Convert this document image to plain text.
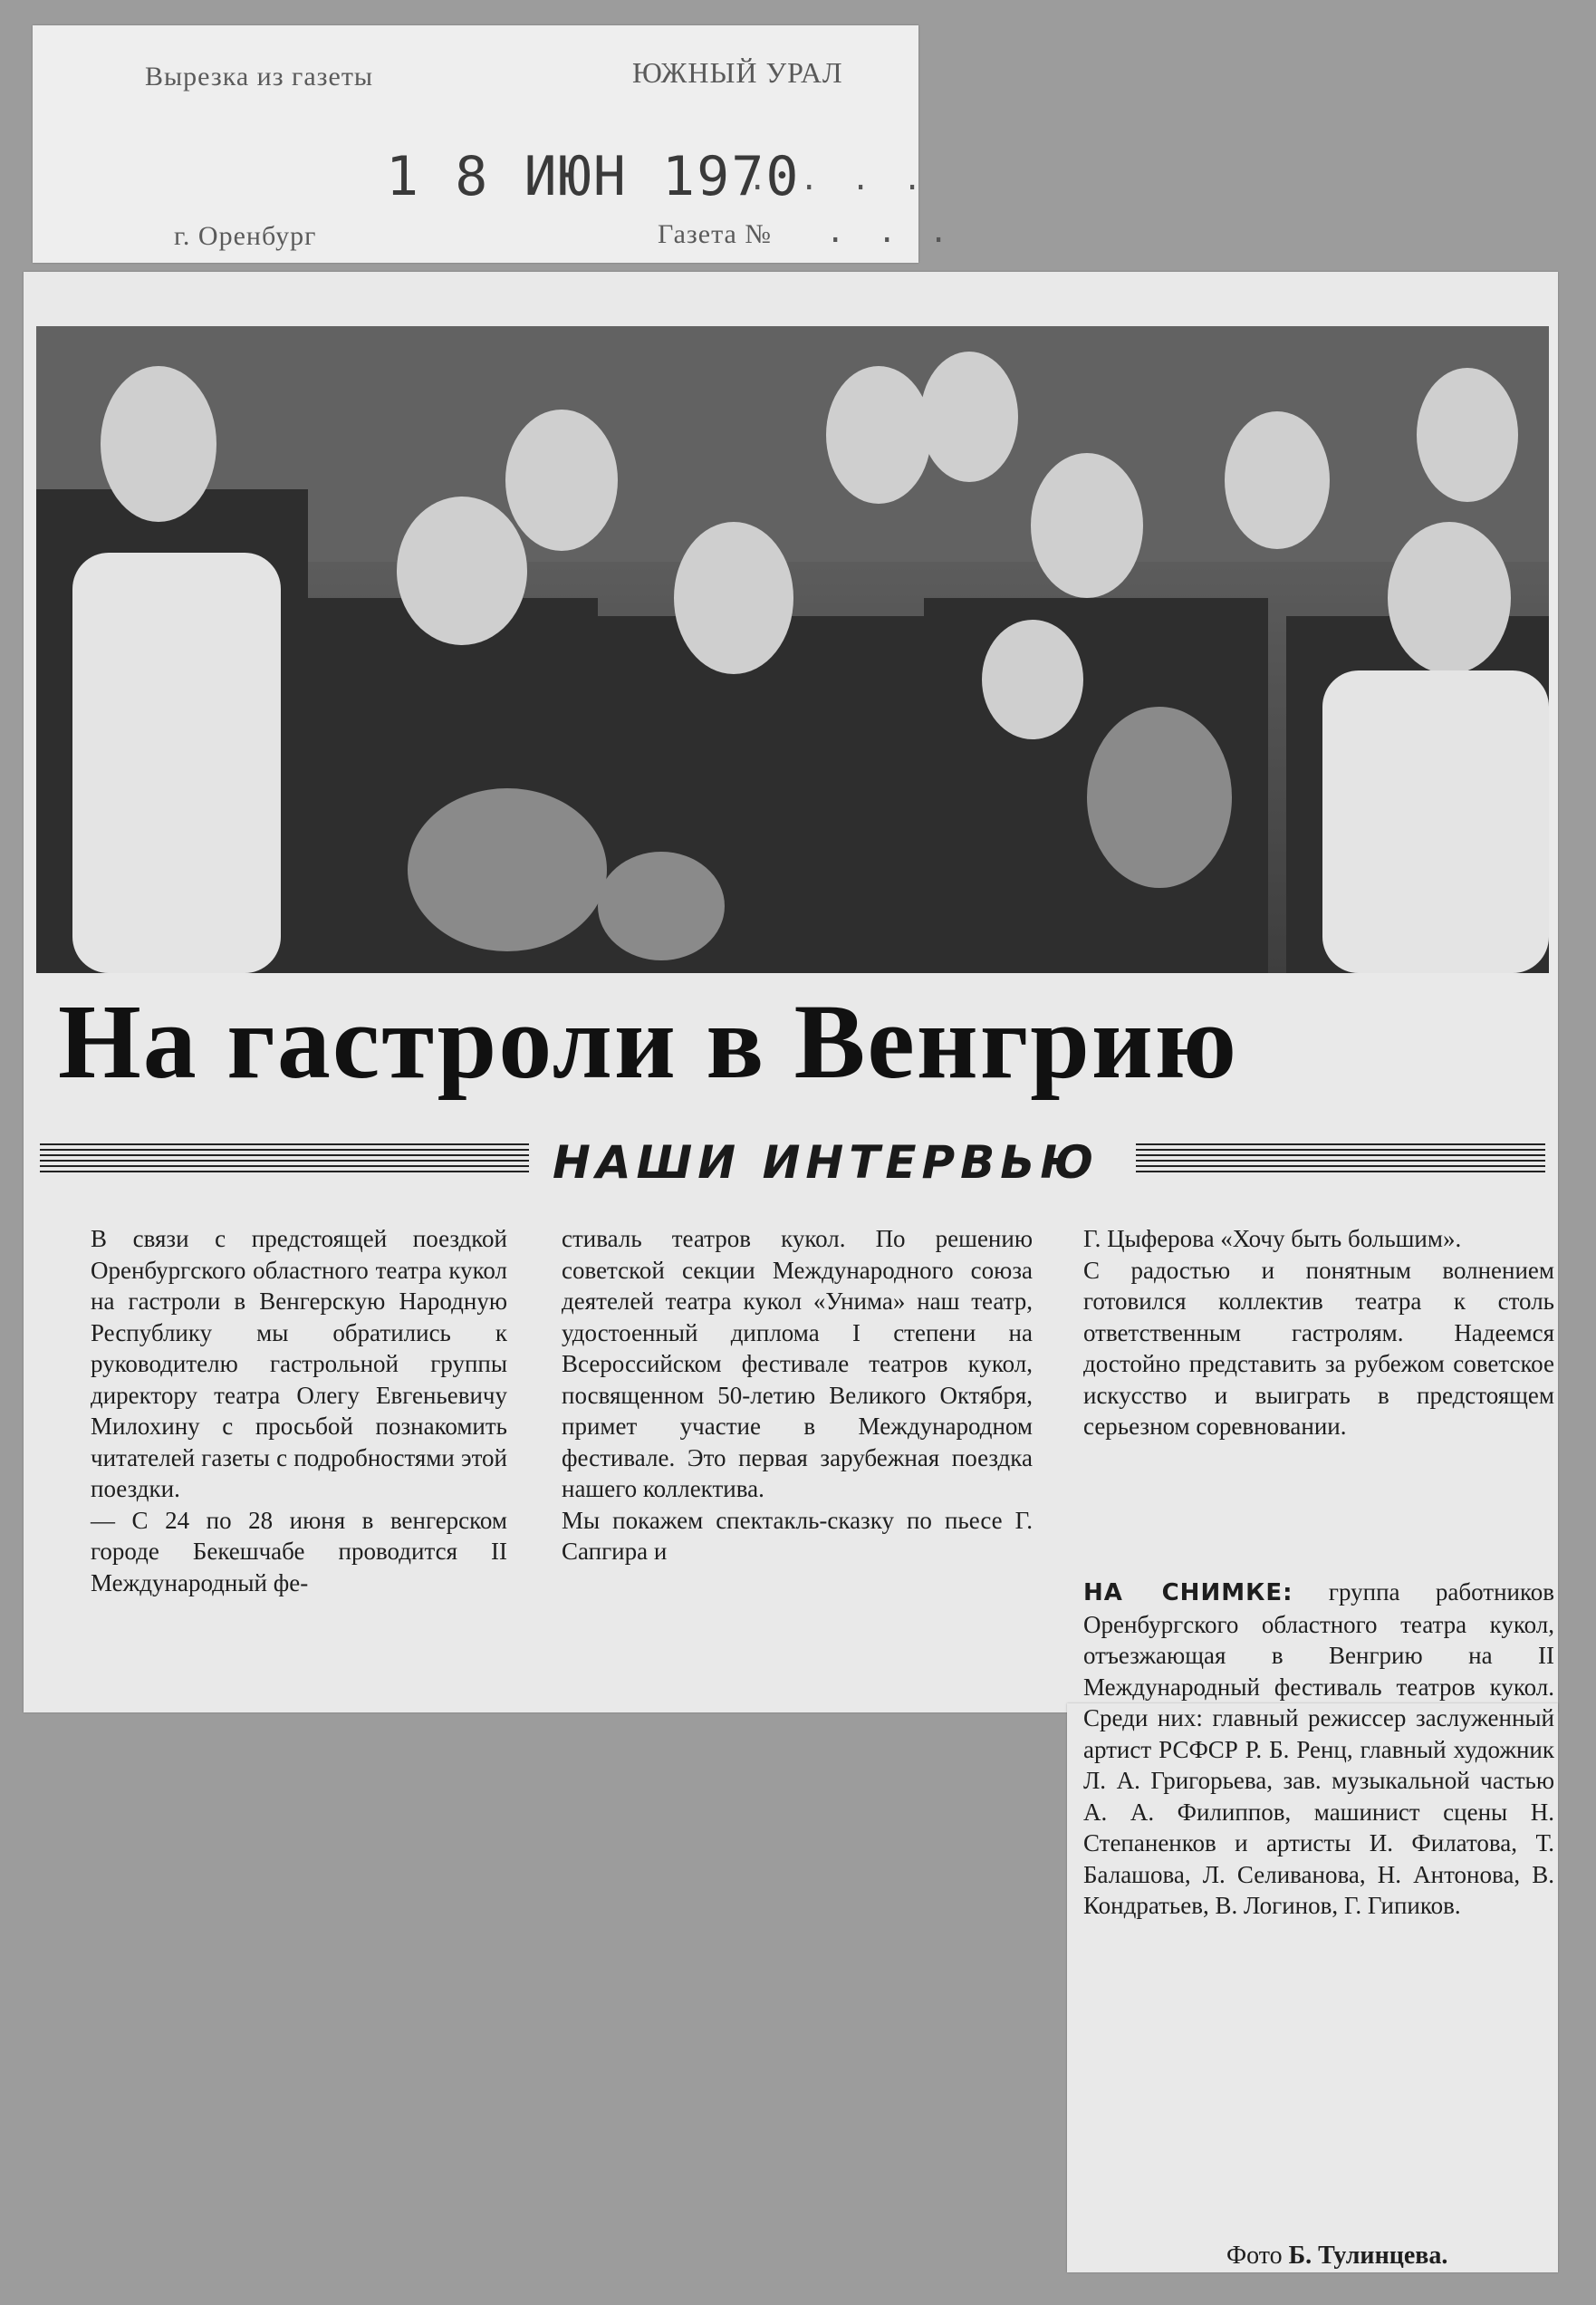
Вырезка из газеты	ЮЖНЫЙ УРАЛ
1 8 ИЮН 1970
. . . .
г. Оренбург	Газета № . . .
На гастроли в Венгрию
НАШИ ИНТЕРВЬЮ
В связи с предстоящей поездкой Оренбургского областного театра кукол на гастроли в Венгерскую Народную Республику мы обратились к руководителю гастрольной группы директору театра Олегу Евгеньевичу Милохину с просьбой познакомить читателей газеты с подробностями этой поездки.
— С 24 по 28 июня в венгерском городе Бекешчабе проводится II Международный фе-
стиваль театров кукол. По решению советской секции Международного союза деятелей театра кукол «Унима» наш театр, удостоенный диплома I степени на Всероссийском фестивале театров кукол, посвященном 50-летию Великого Октября, примет участие в Международном фестивале. Это первая зарубежная поездка нашего коллектива.
Мы покажем спектакль-сказку по пьесе Г. Сапгира и
Г. Цыферова «Хочу быть большим».
С радостью и понятным волнением готовился коллектив театра к столь ответственным гастролям. Надеемся достойно представить за рубежом советское искусство и выиграть в предстоящем серьезном соревновании.
НА СНИМКЕ: группа работников Оренбургского областного театра кукол, отъезжающая в Венгрию на II Международный фестиваль театров кукол. Среди них: главный режиссер заслуженный артист РСФСР Р. Б. Ренц, главный художник Л. А. Григорьева, зав. музыкальной частью А. А. Филиппов, машинист сцены Н. Степаненков и артисты И. Филатова, Т. Балашова, Л. Селиванова, Н. Антонова, В. Кондратьев, В. Логинов, Г. Гипиков.
Фото Б. Тулинцева.
